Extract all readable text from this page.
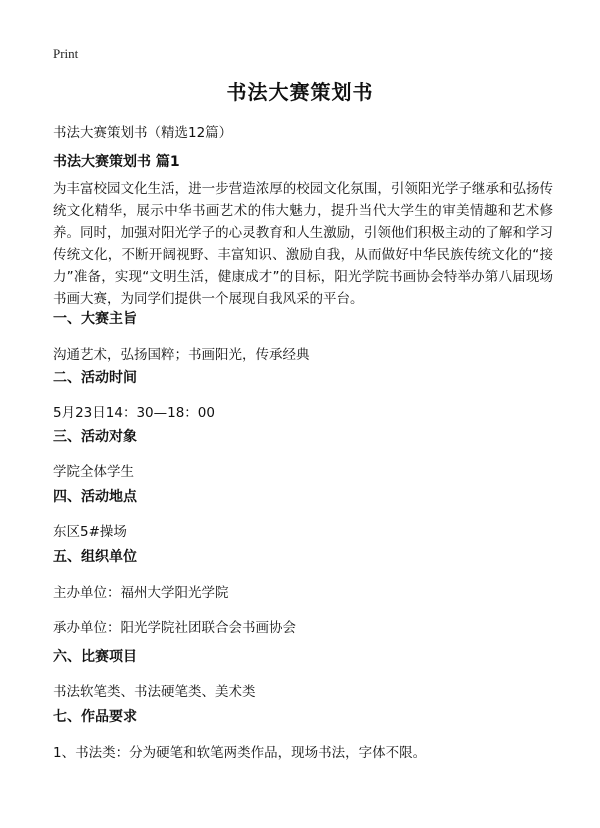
Print
书法大赛策划书
书法大赛策划书（精选12篇）
书法大赛策划书 篇1

为丰富校园文化生活，进一步营造浓厚的校园文化氛围，引领阳光学子继承和弘扬传统文化精华，展示中华书画艺术的伟大魅力，提升当代大学生的审美情趣和艺术修养。同时，加强对阳光学子的心灵教育和人生激励，引领他们积极主动的了解和学习传统文化，不断开阔视野、丰富知识、激励自我，从而做好中华民族传统文化的“接力”准备，实现“文明生活，健康成才”的目标，阳光学院书画协会特举办第八届现场书画大赛，为同学们提供一个展现自我风采的平台。

一、大赛主旨

沟通艺术，弘扬国粹；书画阳光，传承经典

二、活动时间

5月23日14：30—18：00

三、活动对象

学院全体学生

四、活动地点

东区5#操场

五、组织单位

主办单位：福州大学阳光学院

承办单位：阳光学院社团联合会书画协会

六、比赛项目

书法软笔类、书法硬笔类、美术类

七、作品要求

1、书法类：分为硬笔和软笔两类作品，现场书法，字体不限。
